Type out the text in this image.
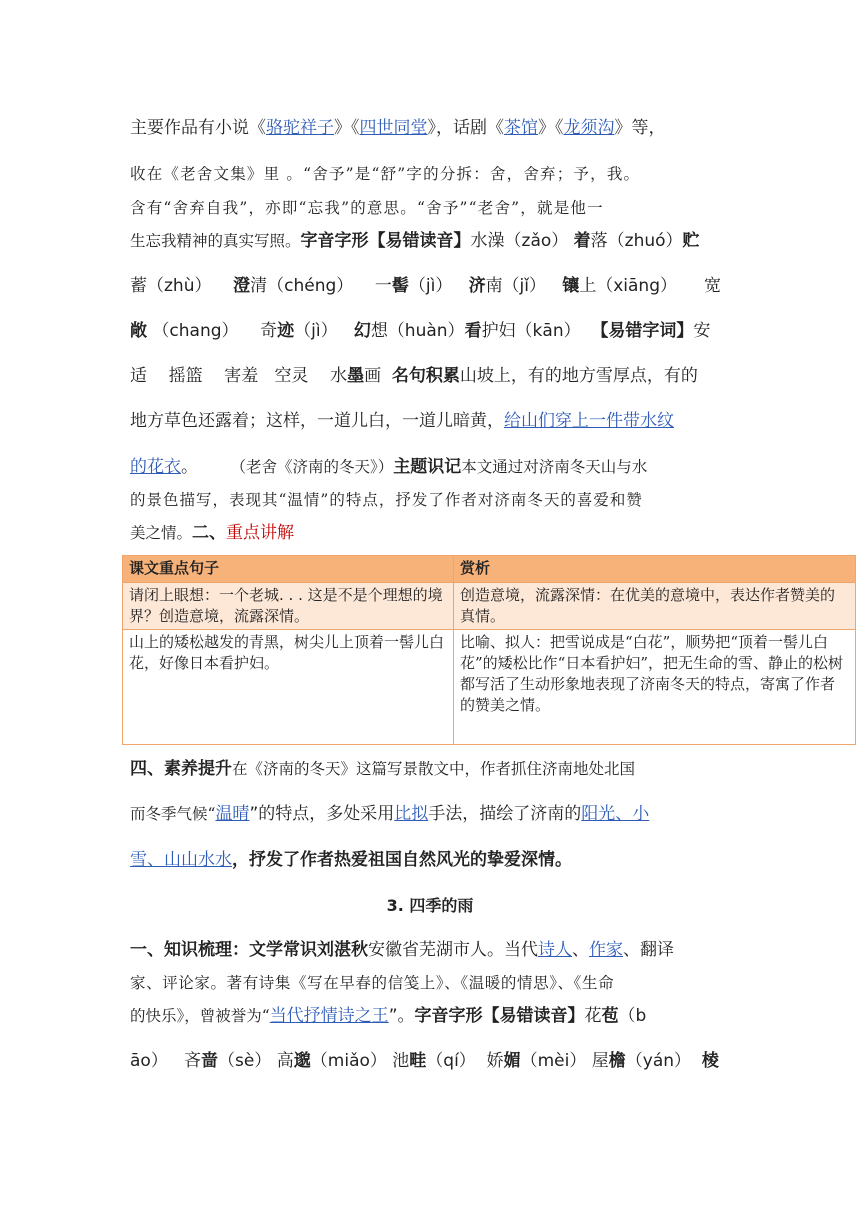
主要作品有小说《骆驼祥子》《四世同堂》，话剧《茶馆》《龙须沟》等，
收在《老舍文集》里 。“舍予”是“舒”字的分拆：舍，舍弃；予，我。
含有“舍弃自我”，亦即“忘我”的意思。“舍予”“老舍”，就是他一
生忘我精神的真实写照。字音字形【易错读音】水澡（zǎo） 着落（zhuó）贮
蓄（zhù） 澄清（chéng） 一髻（jì） 济南（jǐ） 镶上（xiāng） 宽
敞 （chang） 奇迹（jì） 幻想（huàn）看护妇（kān） 【易错字词】安
适 摇篮 害羞 空灵 水墨画 名句积累山坡上，有的地方雪厚点，有的
地方草色还露着；这样，一道儿白，一道儿暗黄，给山们穿上一件带水纹
的花衣。 （老舍《济南的冬天》）主题识记本文通过对济南冬天山与水
的景色描写，表现其“温情”的特点，抒发了作者对济南冬天的喜爱和赞
美之情。二、重点讲解
课文重点句子	赏析
请闭上眼想：一个老城. . . 这是不是个理想的境界？创造意境，流露深情。	创造意境，流露深情：在优美的意境中，表达作者赞美的真情。
山上的矮松越发的青黑，树尖儿上顶着一髻儿白花，好像日本看护妇。	比喻、拟人：把雪说成是“白花”，顺势把“顶着一髻儿白花”的矮松比作“日本看护妇”，把无生命的雪、静止的松树都写活了生动形象地表现了济南冬天的特点，寄寓了作者的赞美之情。
四、素养提升在《济南的冬天》这篇写景散文中，作者抓住济南地处北国
而冬季气候“温晴”的特点，多处采用比拟手法，描绘了济南的阳光、小
雪、山山水水，抒发了作者热爱祖国自然风光的挚爱深情。
3. 四季的雨
一、知识梳理：文学常识刘湛秋安徽省芜湖市人。当代诗人、作家、翻译
家、评论家。著有诗集《写在早春的信笺上》、《温暖的情思》、《生命
的快乐》，曾被誉为“当代抒情诗之王”。字音字形【易错读音】花苞（b
āo） 吝啬（sè） 高邈（miǎo） 池畦（qí） 娇媚（mèi） 屋檐（yán） 棱
